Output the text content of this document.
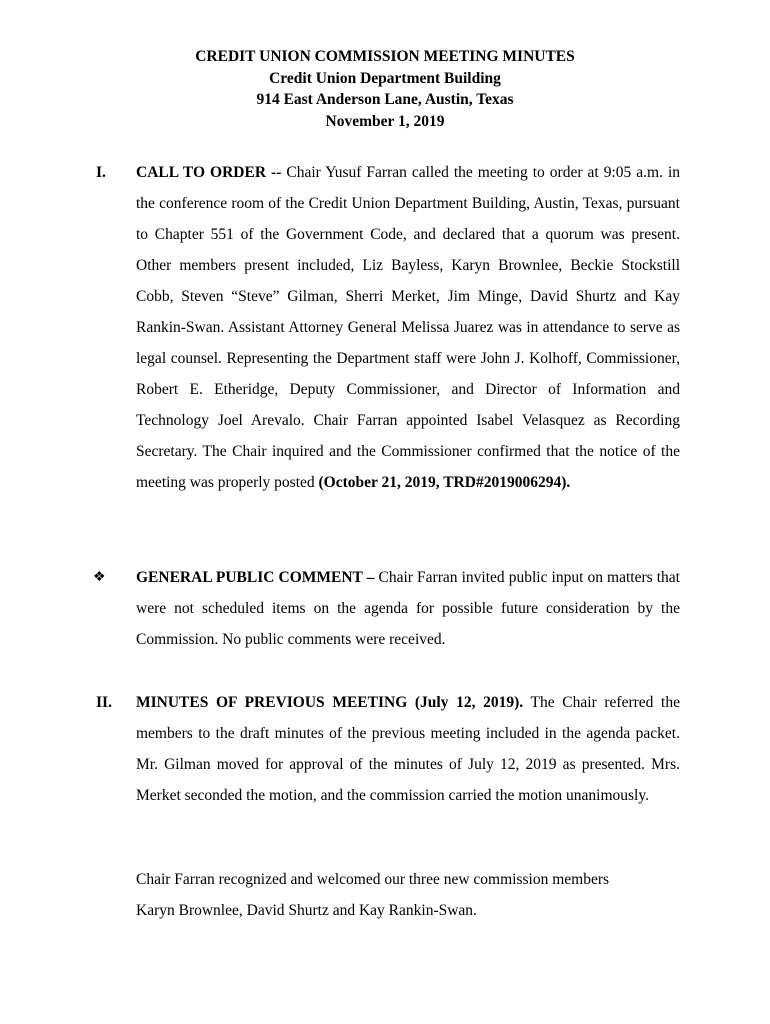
CREDIT UNION COMMISSION MEETING MINUTES
Credit Union Department Building
914 East Anderson Lane, Austin, Texas
November 1, 2019
I. CALL TO ORDER -- Chair Yusuf Farran called the meeting to order at 9:05 a.m. in the conference room of the Credit Union Department Building, Austin, Texas, pursuant to Chapter 551 of the Government Code, and declared that a quorum was present. Other members present included, Liz Bayless, Karyn Brownlee, Beckie Stockstill Cobb, Steven “Steve” Gilman, Sherri Merket, Jim Minge, David Shurtz and Kay Rankin-Swan. Assistant Attorney General Melissa Juarez was in attendance to serve as legal counsel. Representing the Department staff were John J. Kolhoff, Commissioner, Robert E. Etheridge, Deputy Commissioner, and Director of Information and Technology Joel Arevalo. Chair Farran appointed Isabel Velasquez as Recording Secretary. The Chair inquired and the Commissioner confirmed that the notice of the meeting was properly posted (October 21, 2019, TRD#2019006294).

❖ GENERAL PUBLIC COMMENT – Chair Farran invited public input on matters that were not scheduled items on the agenda for possible future consideration by the Commission. No public comments were received.

II. MINUTES OF PREVIOUS MEETING (July 12, 2019). The Chair referred the members to the draft minutes of the previous meeting included in the agenda packet. Mr. Gilman moved for approval of the minutes of July 12, 2019 as presented. Mrs. Merket seconded the motion, and the commission carried the motion unanimously.

Chair Farran recognized and welcomed our three new commission members
Karyn Brownlee, David Shurtz and Kay Rankin-Swan.
